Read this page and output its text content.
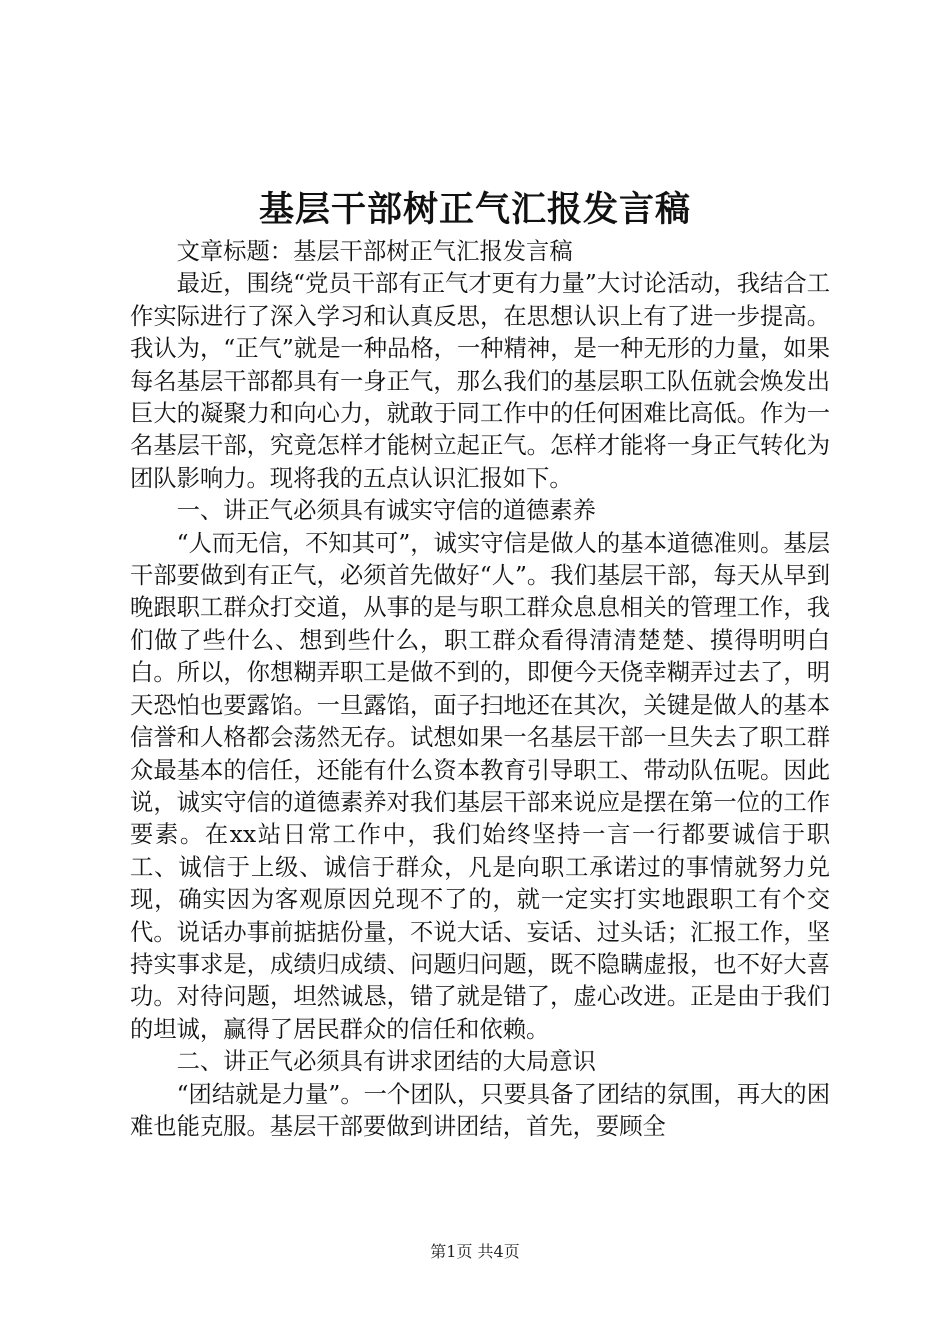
基层干部树正气汇报发言稿

文章标题：基层干部树正气汇报发言稿

最近，围绕“党员干部有正气才更有力量”大讨论活动，我结合工作实际进行了深入学习和认真反思，在思想认识上有了进一步提高。我认为，“正气”就是一种品格，一种精神，是一种无形的力量，如果每名基层干部都具有一身正气，那么我们的基层职工队伍就会焕发出巨大的凝聚力和向心力，就敢于同工作中的任何困难比高低。作为一名基层干部，究竟怎样才能树立起正气。怎样才能将一身正气转化为团队影响力。现将我的五点认识汇报如下。

一、讲正气必须具有诚实守信的道德素养

“人而无信，不知其可”，诚实守信是做人的基本道德准则。基层干部要做到有正气，必须首先做好“人”。我们基层干部，每天从早到晚跟职工群众打交道，从事的是与职工群众息息相关的管理工作，我们做了些什么、想到些什么，职工群众看得清清楚楚、摸得明明白白。所以，你想糊弄职工是做不到的，即便今天侥幸糊弄过去了，明天恐怕也要露馅。一旦露馅，面子扫地还在其次，关键是做人的基本信誉和人格都会荡然无存。试想如果一名基层干部一旦失去了职工群众最基本的信任，还能有什么资本教育引导职工、带动队伍呢。因此说，诚实守信的道德素养对我们基层干部来说应是摆在第一位的工作要素。在xx站日常工作中，我们始终坚持一言一行都要诚信于职工、诚信于上级、诚信于群众，凡是向职工承诺过的事情就努力兑现，确实因为客观原因兑现不了的，就一定实打实地跟职工有个交代。说话办事前掂掂份量，不说大话、妄话、过头话；汇报工作，坚持实事求是，成绩归成绩、问题归问题，既不隐瞒虚报，也不好大喜功。对待问题，坦然诚恳，错了就是错了，虚心改进。正是由于我们的坦诚，赢得了居民群众的信任和依赖。

二、讲正气必须具有讲求团结的大局意识

“团结就是力量”。一个团队，只要具备了团结的氛围，再大的困难也能克服。基层干部要做到讲团结，首先，要顾全

第1页 共4页
